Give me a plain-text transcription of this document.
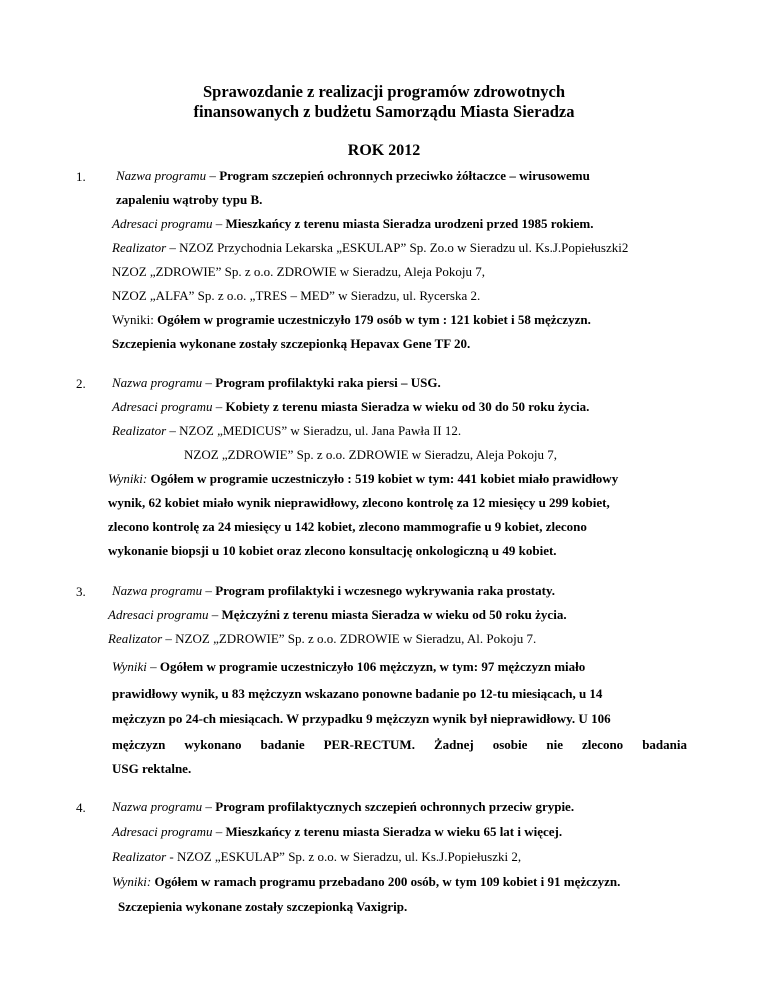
Sprawozdanie z realizacji programów zdrowotnych
finansowanych z budżetu Samorządu Miasta Sieradza
ROK 2012
1. Nazwa programu – Program szczepień ochronnych przeciwko żółtaczce – wirusowemu
zapaleniu wątroby typu B.
Adresaci programu – Mieszkańcy z terenu miasta Sieradza urodzeni przed 1985 rokiem.
Realizator – NZOZ Przychodnia Lekarska „ESKULAP” Sp. Zo.o w Sieradzu ul. Ks.J.Popiełuszki2
NZOZ „ZDROWIE” Sp. z o.o. ZDROWIE w Sieradzu, Aleja Pokoju 7,
NZOZ „ALFA” Sp. z o.o. „TRES – MED” w Sieradzu, ul. Rycerska 2.
Wyniki: Ogółem w programie uczestniczyło 179 osób w tym : 121 kobiet i 58 mężczyzn.
Szczepienia wykonane zostały szczepionką Hepavax Gene TF 20.
2. Nazwa programu – Program profilaktyki raka piersi – USG.
Adresaci programu – Kobiety z terenu miasta Sieradza w wieku od 30 do 50 roku życia.
Realizator – NZOZ „MEDICUS” w Sieradzu, ul. Jana Pawła II 12.
NZOZ „ZDROWIE” Sp. z o.o. ZDROWIE w Sieradzu, Aleja Pokoju 7,
Wyniki: Ogółem w programie uczestniczyło : 519 kobiet w tym: 441 kobiet miało prawidłowy
wynik, 62 kobiet miało wynik nieprawidłowy, zlecono kontrolę za 12 miesięcy u 299 kobiet,
zlecono kontrolę za 24 miesięcy u 142 kobiet, zlecono mammografie u 9 kobiet, zlecono
wykonanie biopsji u 10 kobiet oraz zlecono konsultację onkologiczną u 49 kobiet.
3. Nazwa programu – Program profilaktyki i wczesnego wykrywania raka prostaty.
Adresaci programu – Mężczyźni z terenu miasta Sieradza w wieku od 50 roku życia.
Realizator – NZOZ „ZDROWIE” Sp. z o.o. ZDROWIE w Sieradzu, Al. Pokoju 7.
Wyniki – Ogółem w programie uczestniczyło 106 mężczyzn, w tym: 97 mężczyzn miało
prawidłowy wynik, u 83 mężczyzn wskazano ponowne badanie po 12-tu miesiącach, u 14
mężczyzn po 24-ch miesiącach. W przypadku 9 mężczyzn wynik był nieprawidłowy. U 106
mężczyzn wykonano badanie PER-RECTUM. Żadnej osobie nie zlecono badania
USG rektalne.
4. Nazwa programu – Program profilaktycznych szczepień ochronnych przeciw grypie.
Adresaci programu – Mieszkańcy z terenu miasta Sieradza w wieku 65 lat i więcej.
Realizator - NZOZ „ESKULAP” Sp. z o.o. w Sieradzu, ul. Ks.J.Popiełuszki 2,
Wyniki: Ogółem w ramach programu przebadano 200 osób, w tym 109 kobiet i 91 mężczyzn.
Szczepienia wykonane zostały szczepionką Vaxigrip.
